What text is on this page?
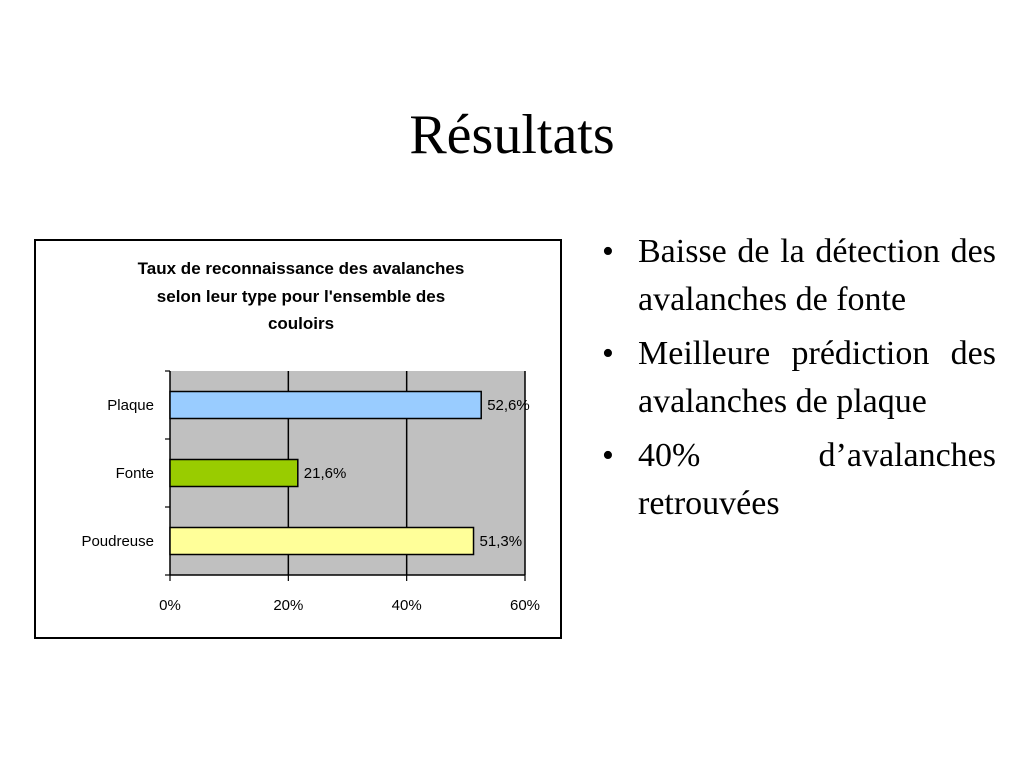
Résultats
Taux de reconnaissance des avalanches
selon leur type pour l'ensemble des
couloirs
0%	20%	40%	60%
Plaque	52,6%
Fonte	21,6%
Poudreuse	51,3%
• Baisse de la détection des avalanches de fonte
• Meilleure prédiction des avalanches de plaque
• 40% d’avalanches retrouvées
